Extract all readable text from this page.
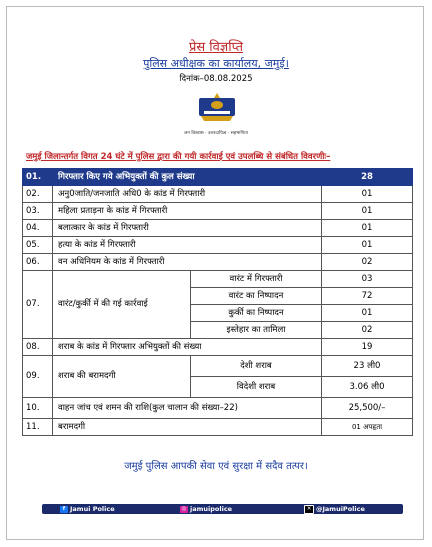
प्रेस विज्ञप्ति
पुलिस अधीक्षक का कार्यालय, जमुई।
दिनांक–08.08.2025
जन विश्वास · उत्तरदायित्व · सहभागिता
जमुई जिलान्तर्गत विगत 24 घंटे में पुलिस द्वारा की गयी कार्रवाई एवं उपलब्धि से संबंधित विवरणीः–
01.	गिरफ्तार किए गये अभियुक्तों की कुल संख्या		28
02.	अनु0जाति/जनजाति अधि0 के कांड में गिरफ्तारी		01
03.	महिला प्रताड़ना के कांड में गिरफ्तारी		01
04.	बलात्कार के कांड में गिरफ्तारी		01
05.	हत्या के कांड में गिरफ्तारी		01
06.	वन अधिनियम के कांड में गिरफ्तारी		02
07.	वारंट/कुर्की में की गई कार्रवाई	वारंट में गिरफ्तारी	03
		वारंट का निष्पादन	72
		कुर्की का निष्पादन	01
		इस्तेहार का तामिला	02
08.	शराब के कांड में गिरफ्तार अभियुक्तों की संख्या		19
09.	शराब की बरामदगी	देशी शराब	23 ली0
		विदेशी शराब	3.06 ली0
10.	वाहन जांच एवं शमन की राशि(कुल चालान की संख्या–22)		25,500/–
11.	बरामदगी		01 अपहृता
जमुई पुलिस आपकी सेवा एवं सुरक्षा में सदैव तत्पर।
f Jamui Police	◎ jamuipolice	✕ @JamuiPolice
